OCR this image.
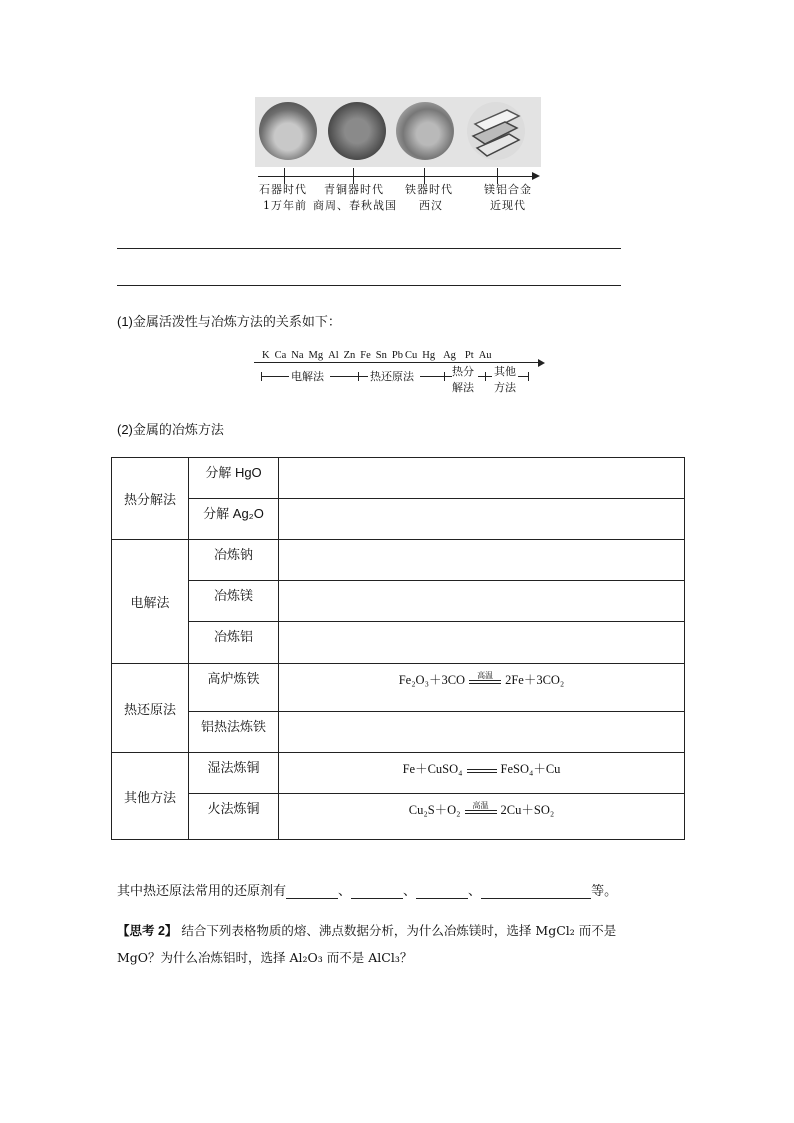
石器时代
1万年前
青铜器时代
商周、春秋战国
铁器时代
西汉
镁铝合金
近现代
(1)金属活泼性与冶炼方法的关系如下：
K Ca Na Mg Al Zn Fe Sn Pb Cu Hg Ag Pt Au
电解法	热还原法	热分
解法
其他
方法
(2)金属的冶炼方法
热分解法	分解 HgO	
	分解 Ag₂O	
电解法	冶炼钠	
	冶炼镁	
	冶炼铝	
热还原法	高炉炼铁	Fe₂O₃＋3CO 高温 2Fe＋3CO₂

	铝热法炼铁	
其他方法	湿法炼铜	Fe＋CuSO₄ FeSO₄＋Cu

	火法炼铜	Cu₂S＋O₂ 高温 2Cu＋SO₂
其中热还原法常用的还原剂有	、	、	、	等。
【思考 2】 结合下列表格物质的熔、沸点数据分析，为什么冶炼镁时，选择 MgCl₂ 而不是
MgO？为什么冶炼铝时，选择 Al₂O₃ 而不是 AlCl₃？
